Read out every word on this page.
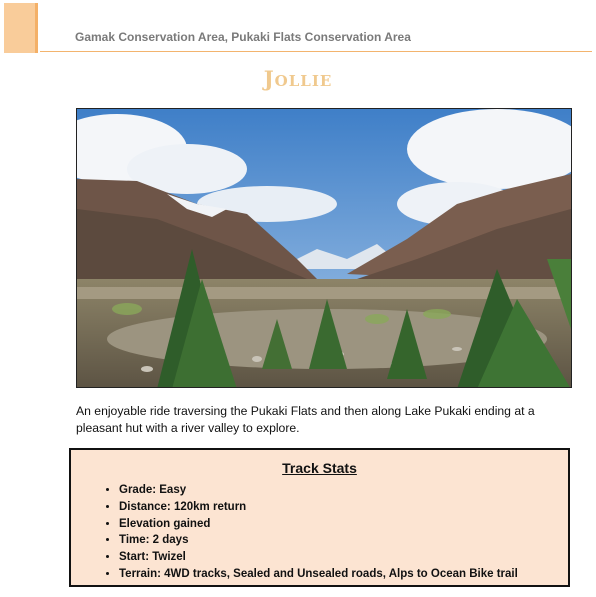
Gamak Conservation Area, Pukaki Flats Conservation Area
Jollie
An enjoyable ride traversing the Pukaki Flats and then along Lake Pukaki ending at a pleasant hut with a river valley to explore.
Track Stats
• Grade: Easy
• Distance: 120km return
• Elevation gained
• Time: 2 days
• Start: Twizel
• Terrain: 4WD tracks, Sealed and Unsealed roads, Alps to Ocean Bike trail
